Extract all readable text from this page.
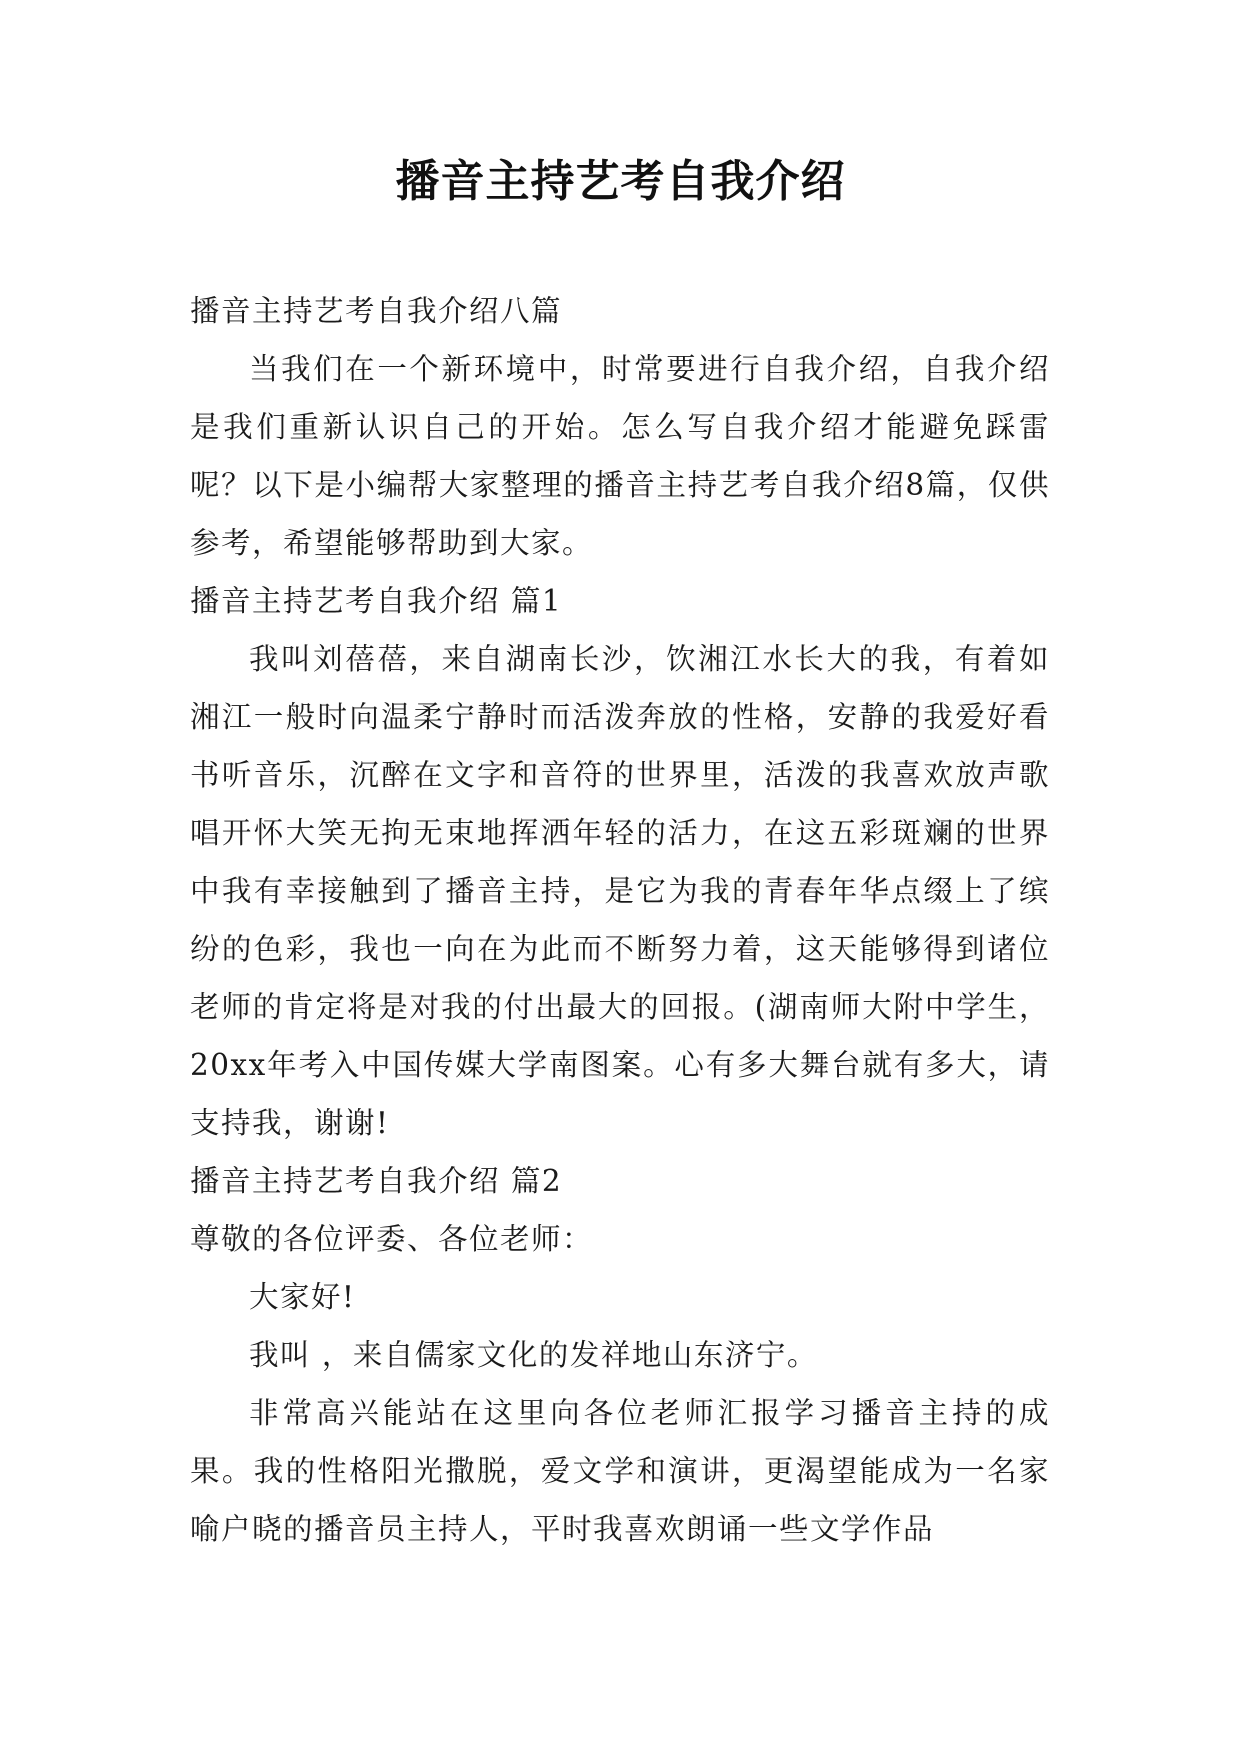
播音主持艺考自我介绍

播音主持艺考自我介绍八篇

当我们在一个新环境中，时常要进行自我介绍，自我介绍是我们重新认识自己的开始。怎么写自我介绍才能避免踩雷呢？以下是小编帮大家整理的播音主持艺考自我介绍8篇，仅供参考，希望能够帮助到大家。

播音主持艺考自我介绍 篇1

我叫刘蓓蓓，来自湖南长沙，饮湘江水长大的我，有着如湘江一般时向温柔宁静时而活泼奔放的性格，安静的我爱好看书听音乐，沉醉在文字和音符的世界里，活泼的我喜欢放声歌唱开怀大笑无拘无束地挥洒年轻的活力，在这五彩斑斓的世界中我有幸接触到了播音主持，是它为我的青春年华点缀上了缤纷的色彩，我也一向在为此而不断努力着，这天能够得到诸位老师的肯定将是对我的付出最大的回报。(湖南师大附中学生，20xx年考入中国传媒大学南图案。心有多大舞台就有多大，请支持我，谢谢!

播音主持艺考自我介绍 篇2

尊敬的各位评委、各位老师：

大家好!

我叫 ，来自儒家文化的发祥地山东济宁。

非常高兴能站在这里向各位老师汇报学习播音主持的成果。我的性格阳光撒脱，爱文学和演讲，更渴望能成为一名家喻户晓的播音员主持人，平时我喜欢朗诵一些文学作品
